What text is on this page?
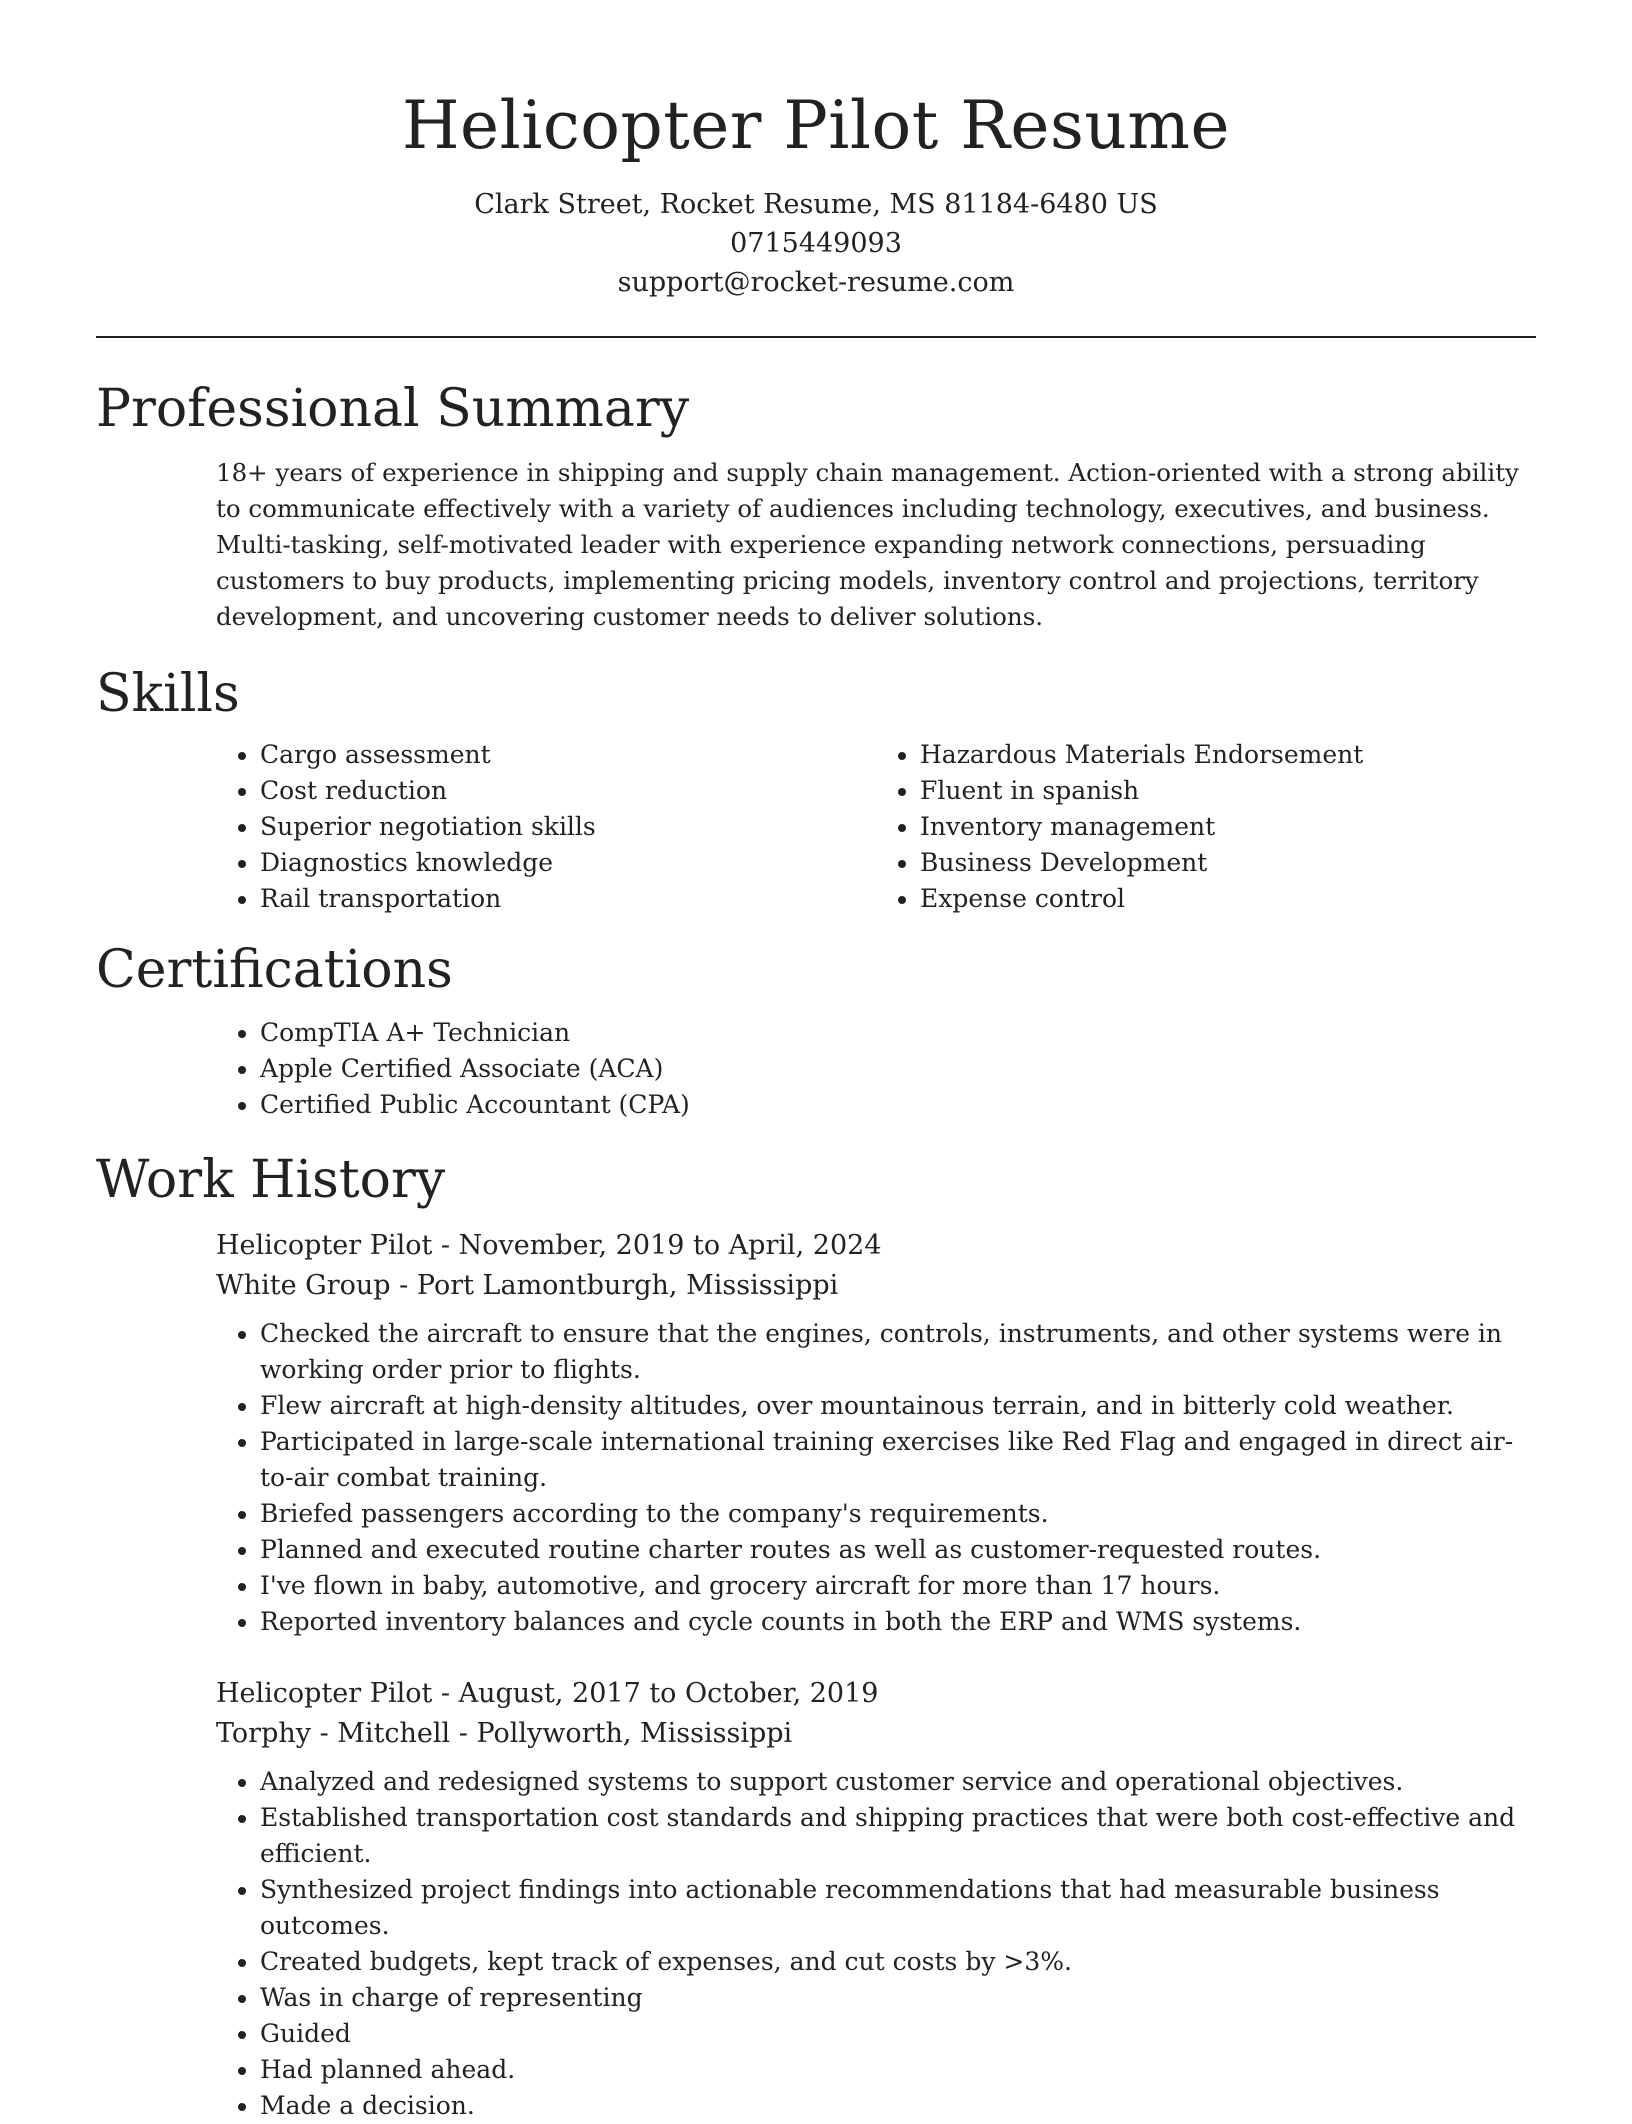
Helicopter Pilot Resume
Clark Street, Rocket Resume, MS 81184-6480 US
0715449093
support@rocket-resume.com
Professional Summary

18+ years of experience in shipping and supply chain management. Action-oriented with a strong ability to communicate effectively with a variety of audiences including technology, executives, and business. Multi-tasking, self-motivated leader with experience expanding network connections, persuading customers to buy products, implementing pricing models, inventory control and projections, territory development, and uncovering customer needs to deliver solutions.

Skills
• Cargo assessment
• Cost reduction
• Superior negotiation skills
• Diagnostics knowledge
• Rail transportation
• Hazardous Materials Endorsement
• Fluent in spanish
• Inventory management
• Business Development
• Expense control
Certifications
• CompTIA A+ Technician
• Apple Certified Associate (ACA)
• Certified Public Accountant (CPA)
Work History
Helicopter Pilot - November, 2019 to April, 2024
White Group - Port Lamontburgh, Mississippi
• Checked the aircraft to ensure that the engines, controls, instruments, and other systems were in working order prior to flights.
• Flew aircraft at high-density altitudes, over mountainous terrain, and in bitterly cold weather.
• Participated in large-scale international training exercises like Red Flag and engaged in direct air-to-air combat training.
• Briefed passengers according to the company's requirements.
• Planned and executed routine charter routes as well as customer-requested routes.
• I've flown in baby, automotive, and grocery aircraft for more than 17 hours.
• Reported inventory balances and cycle counts in both the ERP and WMS systems.
Helicopter Pilot - August, 2017 to October, 2019
Torphy - Mitchell - Pollyworth, Mississippi
• Analyzed and redesigned systems to support customer service and operational objectives.
• Established transportation cost standards and shipping practices that were both cost-effective and efficient.
• Synthesized project findings into actionable recommendations that had measurable business outcomes.
• Created budgets, kept track of expenses, and cut costs by >3%.
• Was in charge of representing
• Guided
• Had planned ahead.
• Made a decision.
